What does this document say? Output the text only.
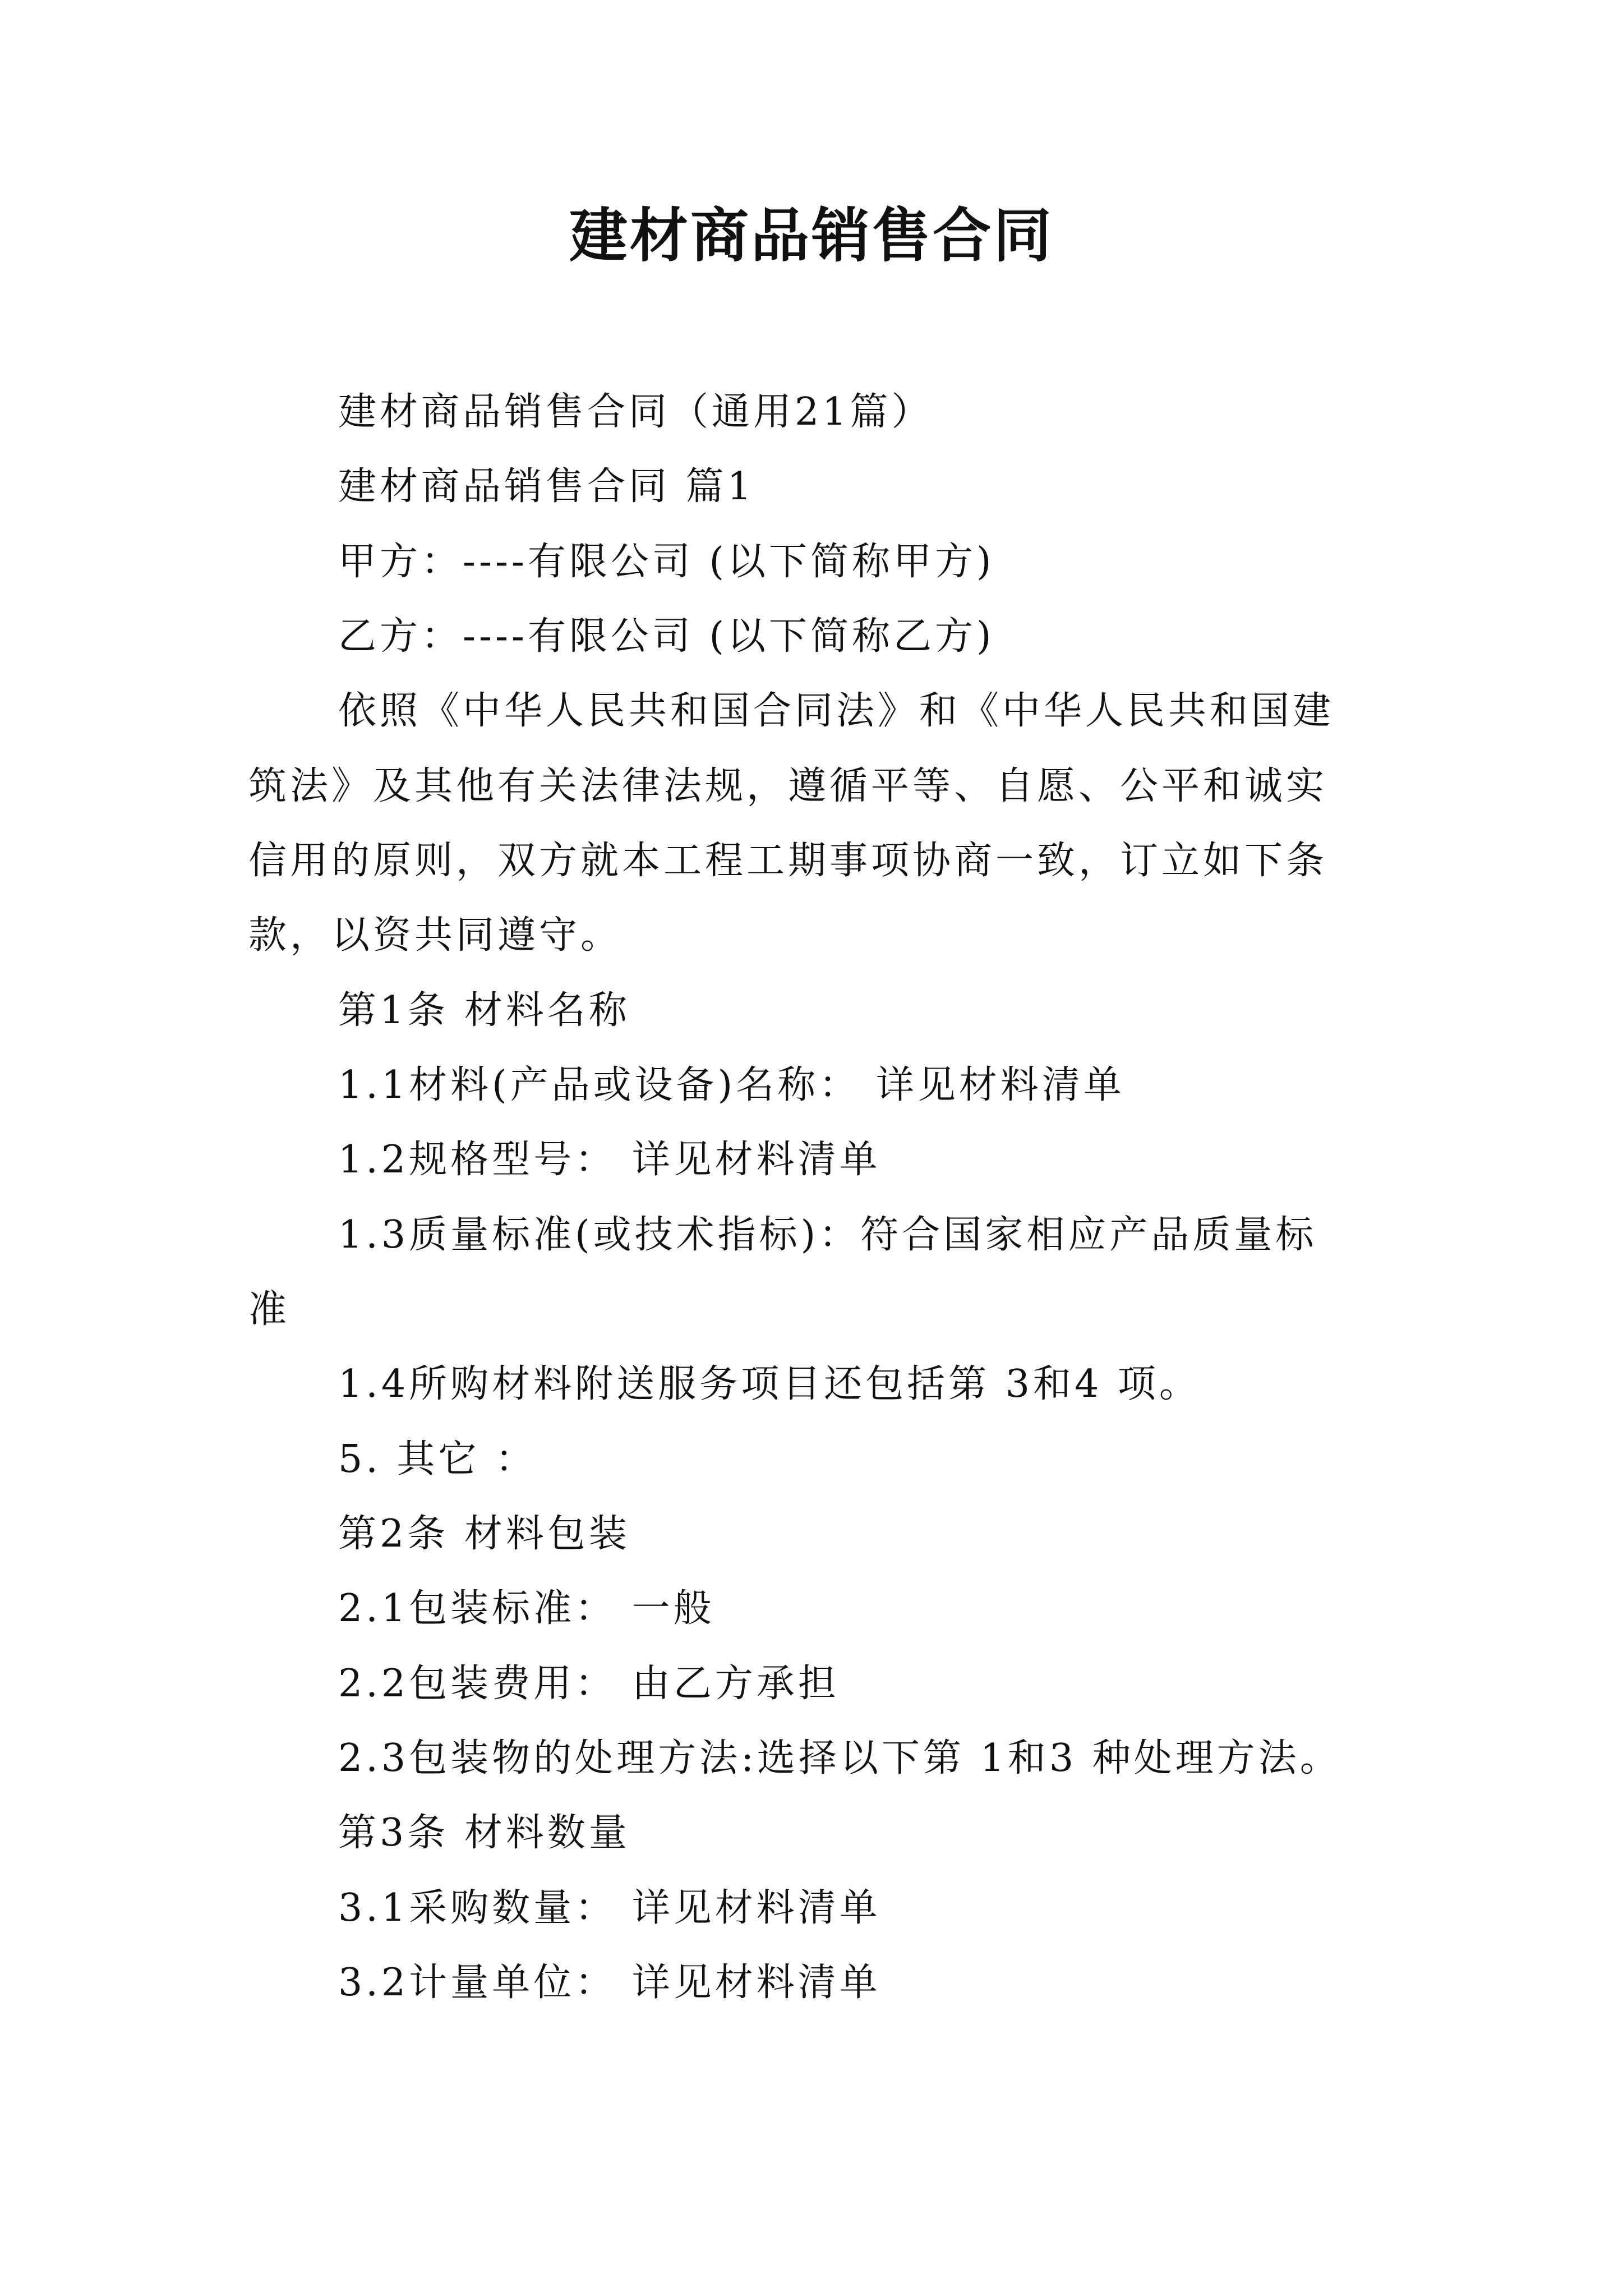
建材商品销售合同

建材商品销售合同（通用21篇）

建材商品销售合同 篇1

甲方：----有限公司 (以下简称甲方)

乙方：----有限公司 (以下简称乙方)

依照《中华人民共和国合同法》和《中华人民共和国建

筑法》及其他有关法律法规，遵循平等、自愿、公平和诚实

信用的原则，双方就本工程工期事项协商一致，订立如下条

款，以资共同遵守。

第1条 材料名称

1.1材料(产品或设备)名称： 详见材料清单

1.2规格型号： 详见材料清单

1.3质量标准(或技术指标)：符合国家相应产品质量标

准

1.4所购材料附送服务项目还包括第 3和4 项。

5. 其它 ：

第2条 材料包装

2.1包装标准： 一般

2.2包装费用： 由乙方承担

2.3包装物的处理方法:选择以下第 1和3 种处理方法。

第3条 材料数量

3.1采购数量： 详见材料清单

3.2计量单位： 详见材料清单
